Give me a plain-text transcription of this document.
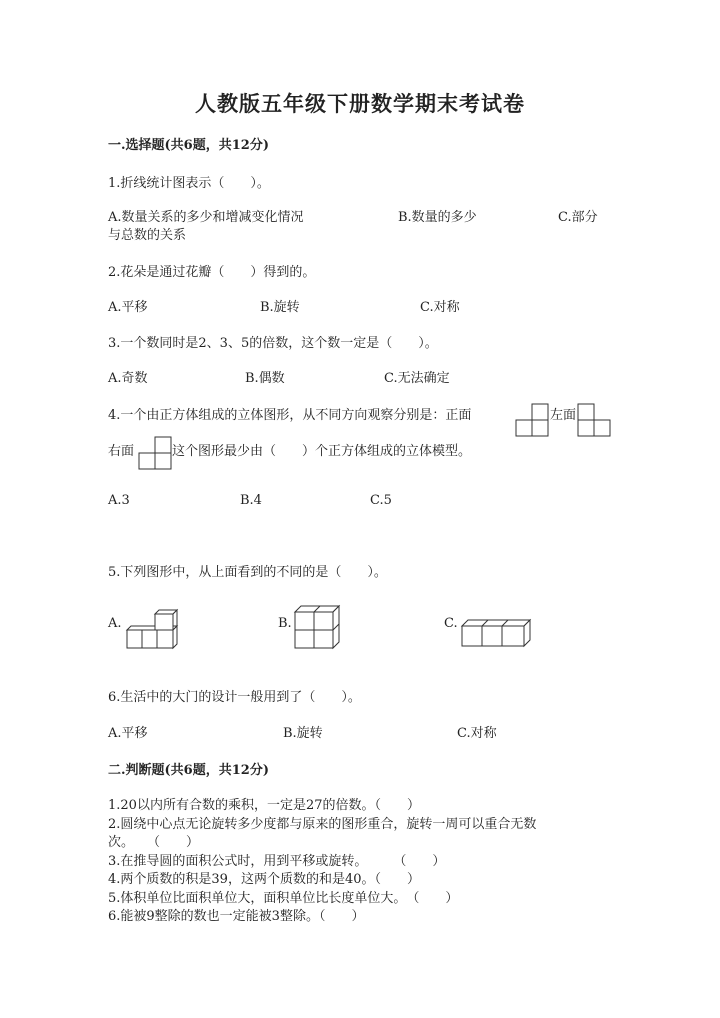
人教版五年级下册数学期末考试卷
一.选择题(共6题，共12分)
1.折线统计图表示（　　）。
A.数量关系的多少和增减变化情况	B.数量的多少	C.部分
与总数的关系
2.花朵是通过花瓣（　　）得到的。
A.平移	B.旋转	C.对称
3.一个数同时是2、3、5的倍数，这个数一定是（　　）。
A.奇数	B.偶数	C.无法确定
4.一个由正方体组成的立体图形，从不同方向观察分别是：正面	左面
右面	这个图形最少由（　　）个正方体组成的立体模型。
A.3	B.4	C.5
5.下列图形中，从上面看到的不同的是（　　）。
A.	B.	C.
6.生活中的大门的设计一般用到了（　　）。
A.平移	B.旋转	C.对称
二.判断题(共6题，共12分)
1.20以内所有合数的乘积，一定是27的倍数。（　　）
2.圆绕中心点无论旋转多少度都与原来的图形重合，旋转一周可以重合无数
次。　　（　　）
3.在推导圆的面积公式时，用到平移或旋转。　　　（　　）
4.两个质数的积是39，这两个质数的和是40。（　　）
5.体积单位比面积单位大，面积单位比长度单位大。　（　　）
6.能被9整除的数也一定能被3整除。（　　）
